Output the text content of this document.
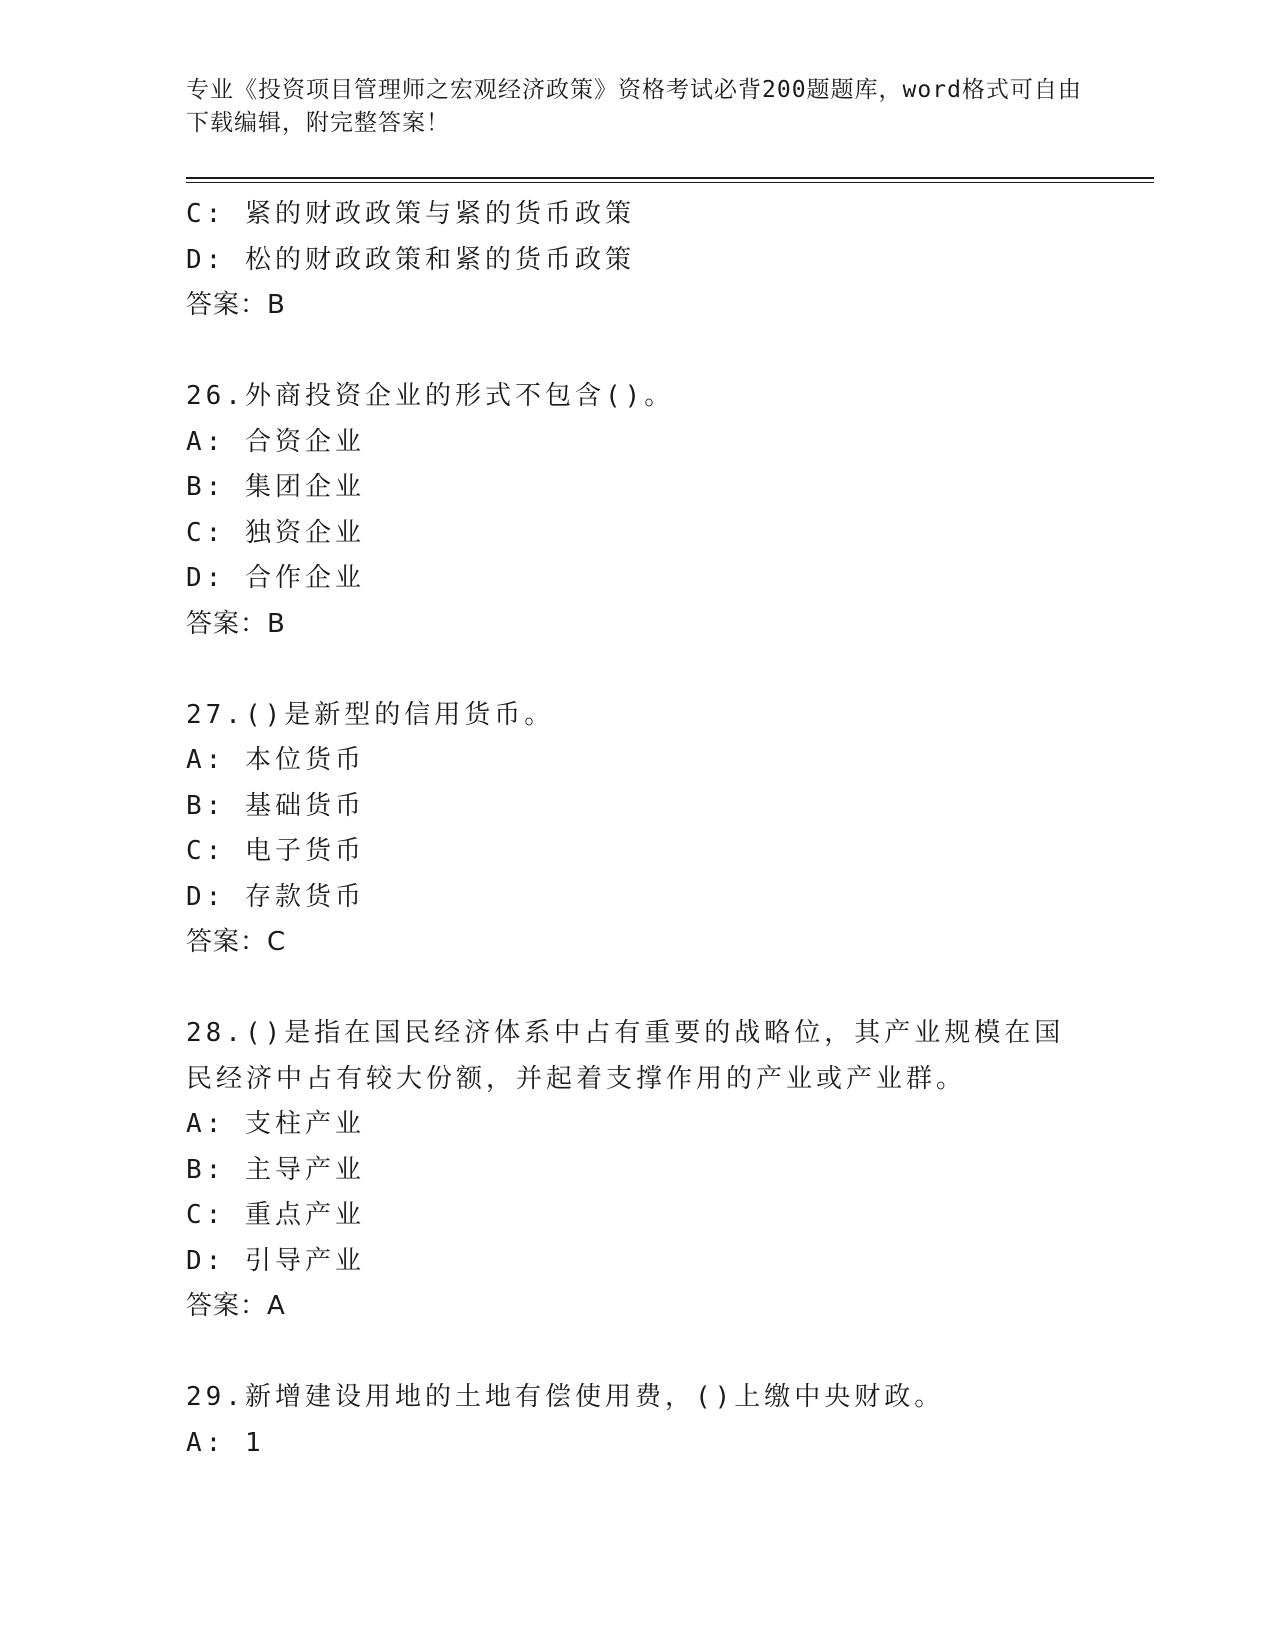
专业《投资项目管理师之宏观经济政策》资格考试必背200题题库，word格式可自由下载编辑，附完整答案！
C: 紧的财政政策与紧的货币政策
D: 松的财政政策和紧的货币政策
答案：B
26.外商投资企业的形式不包含()。
A: 合资企业
B: 集团企业
C: 独资企业
D: 合作企业
答案：B
27.()是新型的信用货币。
A: 本位货币
B: 基础货币
C: 电子货币
D: 存款货币
答案：C
28.()是指在国民经济体系中占有重要的战略位，其产业规模在国民经济中占有较大份额，并起着支撑作用的产业或产业群。
A: 支柱产业
B: 主导产业
C: 重点产业
D: 引导产业
答案：A
29.新增建设用地的土地有偿使用费，()上缴中央财政。
A: 1
